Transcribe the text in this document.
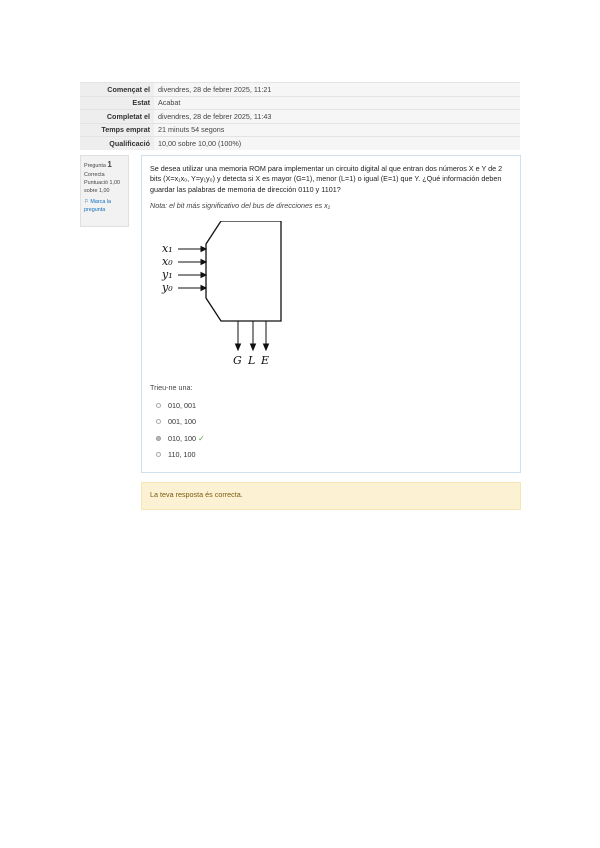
Començat el	divendres, 28 de febrer 2025, 11:21
Estat	Acabat
Completat el	divendres, 28 de febrer 2025, 11:43
Temps emprat	21 minuts 54 segons
Qualificació	10,00 sobre 10,00 (100%)
Pregunta 1
Correcta
Puntuació 1,00
sobre 1,00
⚐ Marca la pregunta
Se desea utilizar una memoria ROM para implementar un circuito digital al que entran dos números X e Y de 2 bits (X=x₁x₀, Y=y₁y₀) y detecta si X es mayor (G=1), menor (L=1) o igual (E=1) que Y. ¿Qué información deben guardar las palabras de memoria de dirección 0110 y 1101?
Nota: el bit más significativo del bus de direcciones es x₁
x₁
x₀
y₁
y₀
G L E
Trieu-ne una:
010, 001
001, 100
010, 100 ✓
110, 100
La teva resposta és correcta.
